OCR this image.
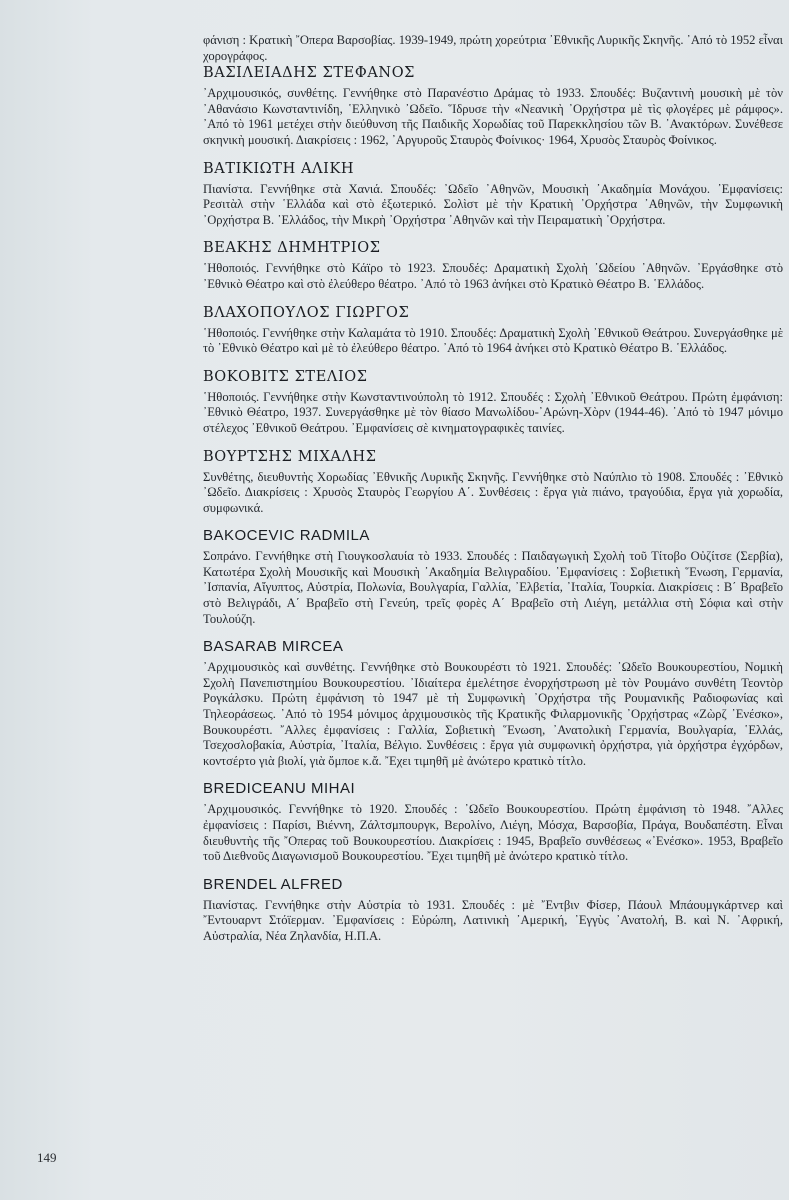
φάνιση : Κρατικὴ ῎Οπερα Βαρσοβίας. 1939-1949, πρώτη χορεύτρια ᾿Εθνικῆς Λυρικῆς Σκηνῆς. ᾿Από τὸ 1952 εἶναι χορογράφος.

ΒΑΣΙΛΕΙΑΔΗΣ ΣΤΕΦΑΝΟΣ

᾿Αρχιμουσικός, συνθέτης. Γεννήθηκε στὸ Παρανέστιο Δράμας τὸ 1933. Σπουδές: Βυζαντινὴ μουσικὴ μὲ τὸν ᾿Αθανάσιο Κωνσταντινίδη, ῾Ελληνικὸ ᾿Ωδεῖο. ῞Ιδρυσε τὴν «Νεανικὴ ᾿Ορχήστρα μὲ τὶς φλογέρες μὲ ράμφος». ᾿Από τὸ 1961 μετέχει στὴν διεύθυνση τῆς Παιδικῆς Χορωδίας τοῦ Παρεκκλησίου τῶν Β. ᾿Ανακτόρων. Συνέθεσε σκηνικὴ μουσική. Διακρίσεις : 1962, ᾿Αργυροῦς Σταυρὸς Φοίνικος· 1964, Χρυσὸς Σταυρὸς Φοίνικος.

ΒΑΤΙΚΙΩΤΗ ΑΛΙΚΗ

Πιανίστα. Γεννήθηκε στὰ Χανιά. Σπουδές: ᾿Ωδεῖο ᾿Αθηνῶν, Μουσικὴ ᾿Ακαδημία Μονάχου. ᾿Εμφανίσεις: Ρεσιτὰλ στὴν ῾Ελλάδα καὶ στὸ ἐξωτερικό. Σολὶστ μὲ τὴν Κρατικὴ ᾿Ορχήστρα ᾿Αθηνῶν, τὴν Συμφωνικὴ ᾿Ορχήστρα Β. ῾Ελλάδος, τὴν Μικρὴ ᾿Ορχήστρα ᾿Αθηνῶν καὶ τὴν Πειραματικὴ ᾿Ορχήστρα.

ΒΕΑΚΗΣ ΔΗΜΗΤΡΙΟΣ

῾Ηθοποιός. Γεννήθηκε στὸ Κάϊρο τὸ 1923. Σπουδές: Δραματικὴ Σχολὴ ᾿Ωδείου ᾿Αθηνῶν. ᾿Εργάσθηκε στὸ ᾿Εθνικὸ Θέατρο καὶ στὸ ἐλεύθερο θέατρο. ᾿Από τὸ 1963 ἀνήκει στὸ Κρατικὸ Θέατρο Β. ῾Ελλάδος.

ΒΛΑΧΟΠΟΥΛΟΣ ΓΙΩΡΓΟΣ

῾Ηθοποιός. Γεννήθηκε στὴν Καλαμάτα τὸ 1910. Σπουδές: Δραματικὴ Σχολὴ ᾿Εθνικοῦ Θεάτρου. Συνεργάσθηκε μὲ τὸ ᾿Εθνικὸ Θέατρο καὶ μὲ τὸ ἐλεύθερο θέατρο. ᾿Από τὸ 1964 ἀνήκει στὸ Κρατικὸ Θέατρο Β. ῾Ελλάδος.

ΒΟΚΟΒΙΤΣ ΣΤΕΛΙΟΣ

῾Ηθοποιός. Γεννήθηκε στὴν Κωνσταντινούπολη τὸ 1912. Σπουδές : Σχολὴ ᾿Εθνικοῦ Θεάτρου. Πρώτη ἐμφάνιση: ᾿Εθνικὸ Θέατρο, 1937. Συνεργάσθηκε μὲ τὸν θίασο Μανωλίδου-᾿Αρώνη-Χὸρν (1944-46). ᾿Από τὸ 1947 μόνιμο στέλεχος ᾿Εθνικοῦ Θεάτρου. ᾿Εμφανίσεις σὲ κινηματογραφικὲς ταινίες.

ΒΟΥΡΤΣΗΣ ΜΙΧΑΛΗΣ

Συνθέτης, διευθυντὴς Χορωδίας ᾿Εθνικῆς Λυρικῆς Σκηνῆς. Γεννήθηκε στὸ Ναύπλιο τὸ 1908. Σπουδές : ᾿Εθνικὸ ᾿Ωδεῖο. Διακρίσεις : Χρυσὸς Σταυρὸς Γεωργίου Α΄. Συνθέσεις : ἔργα γιὰ πιάνο, τραγούδια, ἔργα γιὰ χορωδία, συμφωνικά.

BAKOCEVIC RADMILA

Σοπράνο. Γεννήθηκε στὴ Γιουγκοσλαυία τὸ 1933. Σπουδές : Παιδαγωγικὴ Σχολὴ τοῦ Τίτοβο Οὐζίτσε (Σερβία), Κατωτέρα Σχολὴ Μουσικῆς καὶ Μουσικὴ ᾿Ακαδημία Βελιγραδίου. ᾿Εμφανίσεις : Σοβιετικὴ ῞Ενωση, Γερμανία, ᾿Ισπανία, Αἴγυπτος, Αὐστρία, Πολωνία, Βουλγαρία, Γαλλία, ᾿Ελβετία, ᾿Ιταλία, Τουρκία. Διακρίσεις : Β΄ Βραβεῖο στὸ Βελιγράδι, Α΄ Βραβεῖο στὴ Γενεύη, τρεῖς φορὲς Α΄ Βραβεῖο στὴ Λιέγη, μετάλλια στὴ Σόφια καὶ στὴν Τουλούζη.

BASARAB MIRCEA

᾿Αρχιμουσικὸς καὶ συνθέτης. Γεννήθηκε στὸ Βουκουρέστι τὸ 1921. Σπουδές: ᾿Ωδεῖο Βουκουρεστίου, Νομικὴ Σχολὴ Πανεπιστημίου Βουκουρεστίου. ᾿Ιδιαίτερα ἐμελέτησε ἐνορχήστρωση μὲ τὸν Ρουμάνο συνθέτη Τεοντὸρ Ρογκάλσκυ. Πρώτη ἐμφάνιση τὸ 1947 μὲ τὴ Συμφωνικὴ ᾿Ορχήστρα τῆς Ρουμανικῆς Ραδιοφωνίας καὶ Τηλεοράσεως. ᾿Από τὸ 1954 μόνιμος ἀρχιμουσικὸς τῆς Κρατικῆς Φιλαρμονικῆς ᾿Ορχήστρας «Ζὼρζ ᾿Ενέσκο», Βουκουρέστι. ῎Αλλες ἐμφανίσεις : Γαλλία, Σοβιετικὴ ῞Ενωση, ᾿Ανατολικὴ Γερμανία, Βουλγαρία, ῾Ελλάς, Τσεχοσλοβακία, Αὐστρία, ᾿Ιταλία, Βέλγιο. Συνθέσεις : ἔργα γιὰ συμφωνικὴ ὀρχήστρα, γιὰ ὀρχήστρα ἐγχόρδων, κοντσέρτο γιὰ βιολί, γιὰ ὄμποε κ.ἄ. ῎Εχει τιμηθῆ μὲ ἀνώτερο κρατικὸ τίτλο.

BREDICEANU MIHAI

᾿Αρχιμουσικός. Γεννήθηκε τὸ 1920. Σπουδές : ᾿Ωδεῖο Βουκουρεστίου. Πρώτη ἐμφάνιση τὸ 1948. ῎Αλλες ἐμφανίσεις : Παρίσι, Βιέννη, Ζάλτσμπουργκ, Βερολίνο, Λιέγη, Μόσχα, Βαρσοβία, Πράγα, Βουδαπέστη. Εἶναι διευθυντὴς τῆς ῎Οπερας τοῦ Βουκουρεστίου. Διακρίσεις : 1945, Βραβεῖο συνθέσεως «᾿Ενέσκο». 1953, Βραβεῖο τοῦ Διεθνοῦς Διαγωνισμοῦ Βουκουρεστίου. ῎Εχει τιμηθῆ μὲ ἀνώτερο κρατικὸ τίτλο.

BRENDEL ALFRED

Πιανίστας. Γεννήθηκε στὴν Αὐστρία τὸ 1931. Σπουδές : μὲ ῎Εντβιν Φίσερ, Πάουλ Μπάουμγκάρτνερ καὶ ῎Εντουαρντ Στόϊερμαν. ᾿Εμφανίσεις : Εὐρώπη, Λατινικὴ ᾿Αμερική, ᾿Εγγὺς ᾿Ανατολή, Β. καὶ Ν. ᾿Αφρική, Αὐστραλία, Νέα Ζηλανδία, Η.Π.Α.

149
